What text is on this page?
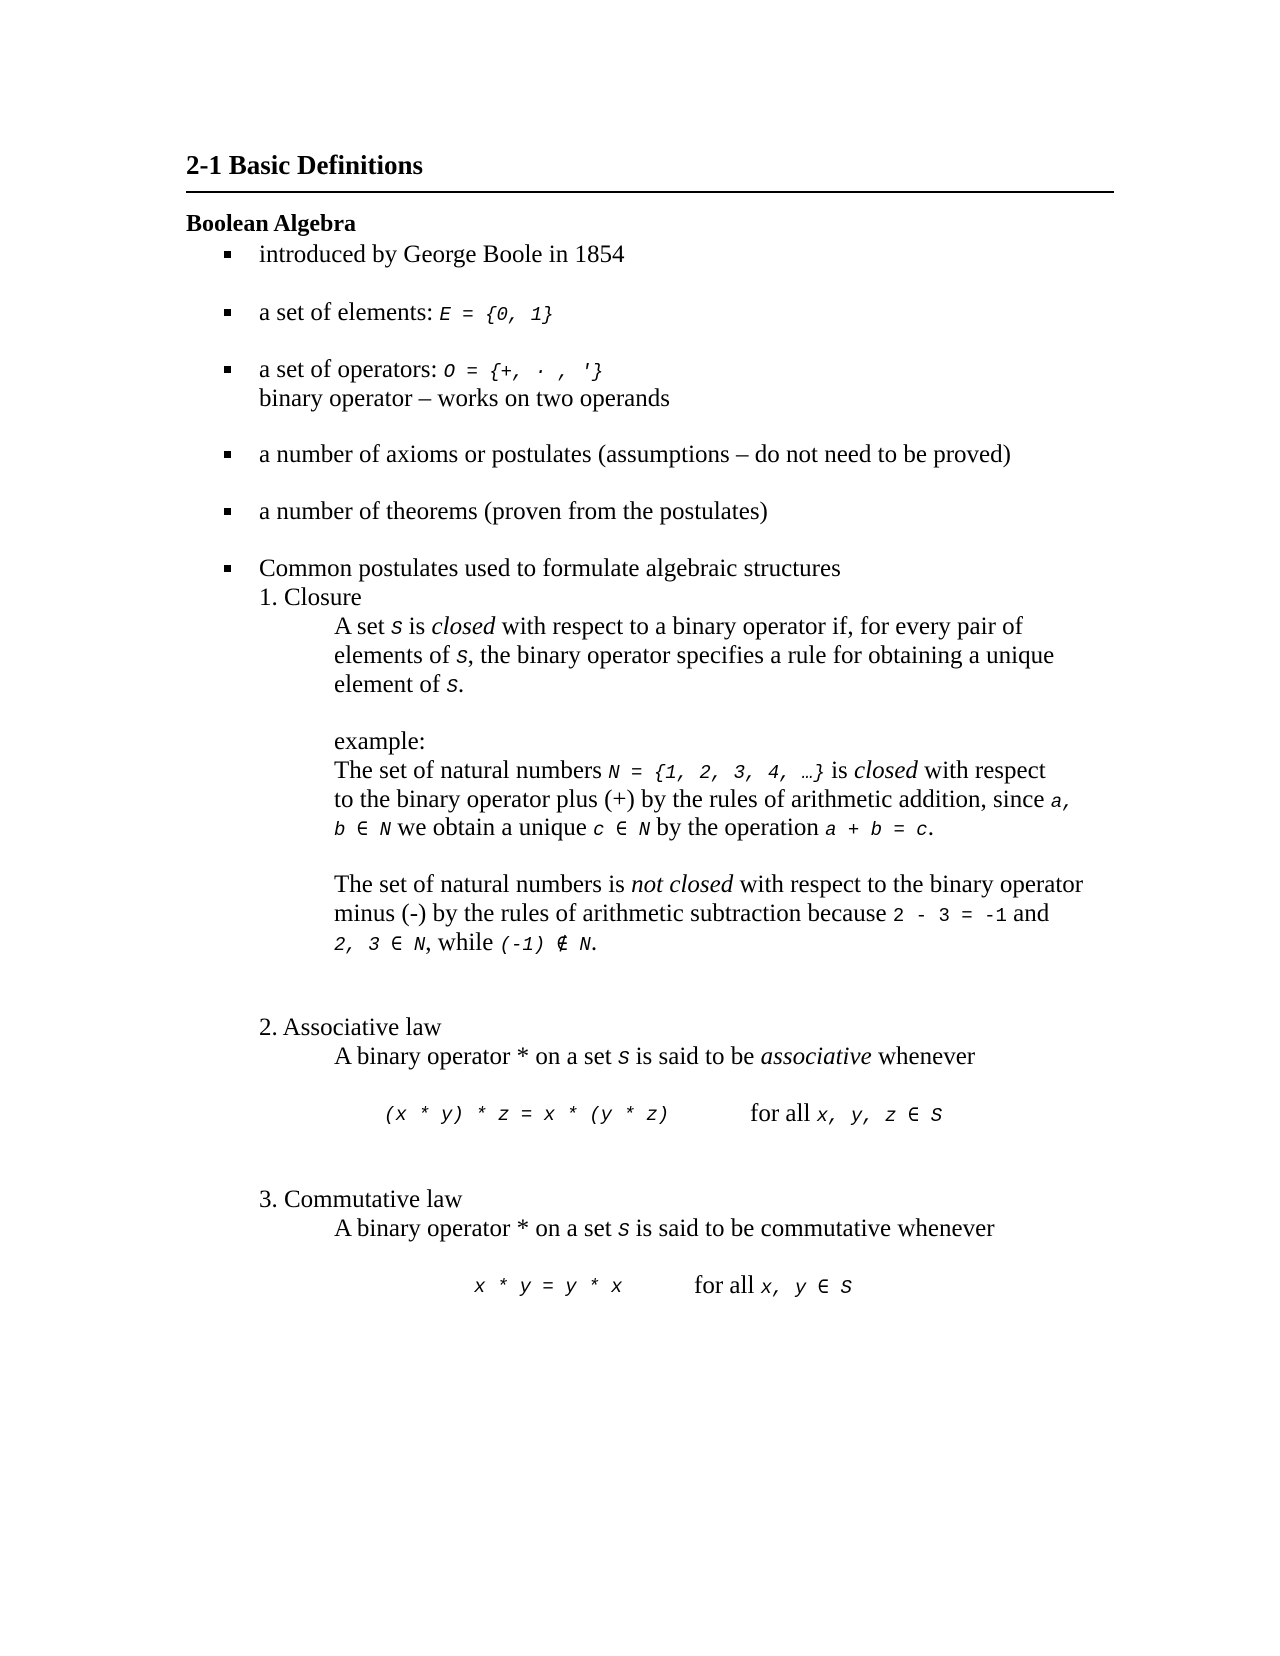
2-1 Basic Definitions
Boolean Algebra
introduced by George Boole in 1854
a set of elements: E = {0, 1}
a set of operators: O = {+, · , '}
binary operator – works on two operands
a number of axioms or postulates (assumptions – do not need to be proved)
a number of theorems (proven from the postulates)
Common postulates used to formulate algebraic structures
1. Closure
A set S is closed with respect to a binary operator if, for every pair of
elements of S, the binary operator specifies a rule for obtaining a unique
element of S.
example:
The set of natural numbers N = {1, 2, 3, 4, …} is closed with respect
to the binary operator plus (+) by the rules of arithmetic addition, since a,
b ∈ N we obtain a unique c ∈ N by the operation a + b = c.
The set of natural numbers is not closed with respect to the binary operator
minus (-) by the rules of arithmetic subtraction because 2 - 3 = -1 and
2, 3 ∈ N, while (-1) ∉ N.
2. Associative law
A binary operator * on a set S is said to be associative whenever
(x * y) * z = x * (y * z)	for all x, y, z ∈ S
3. Commutative law
A binary operator * on a set S is said to be commutative whenever
x * y = y * x	for all x, y ∈ S
